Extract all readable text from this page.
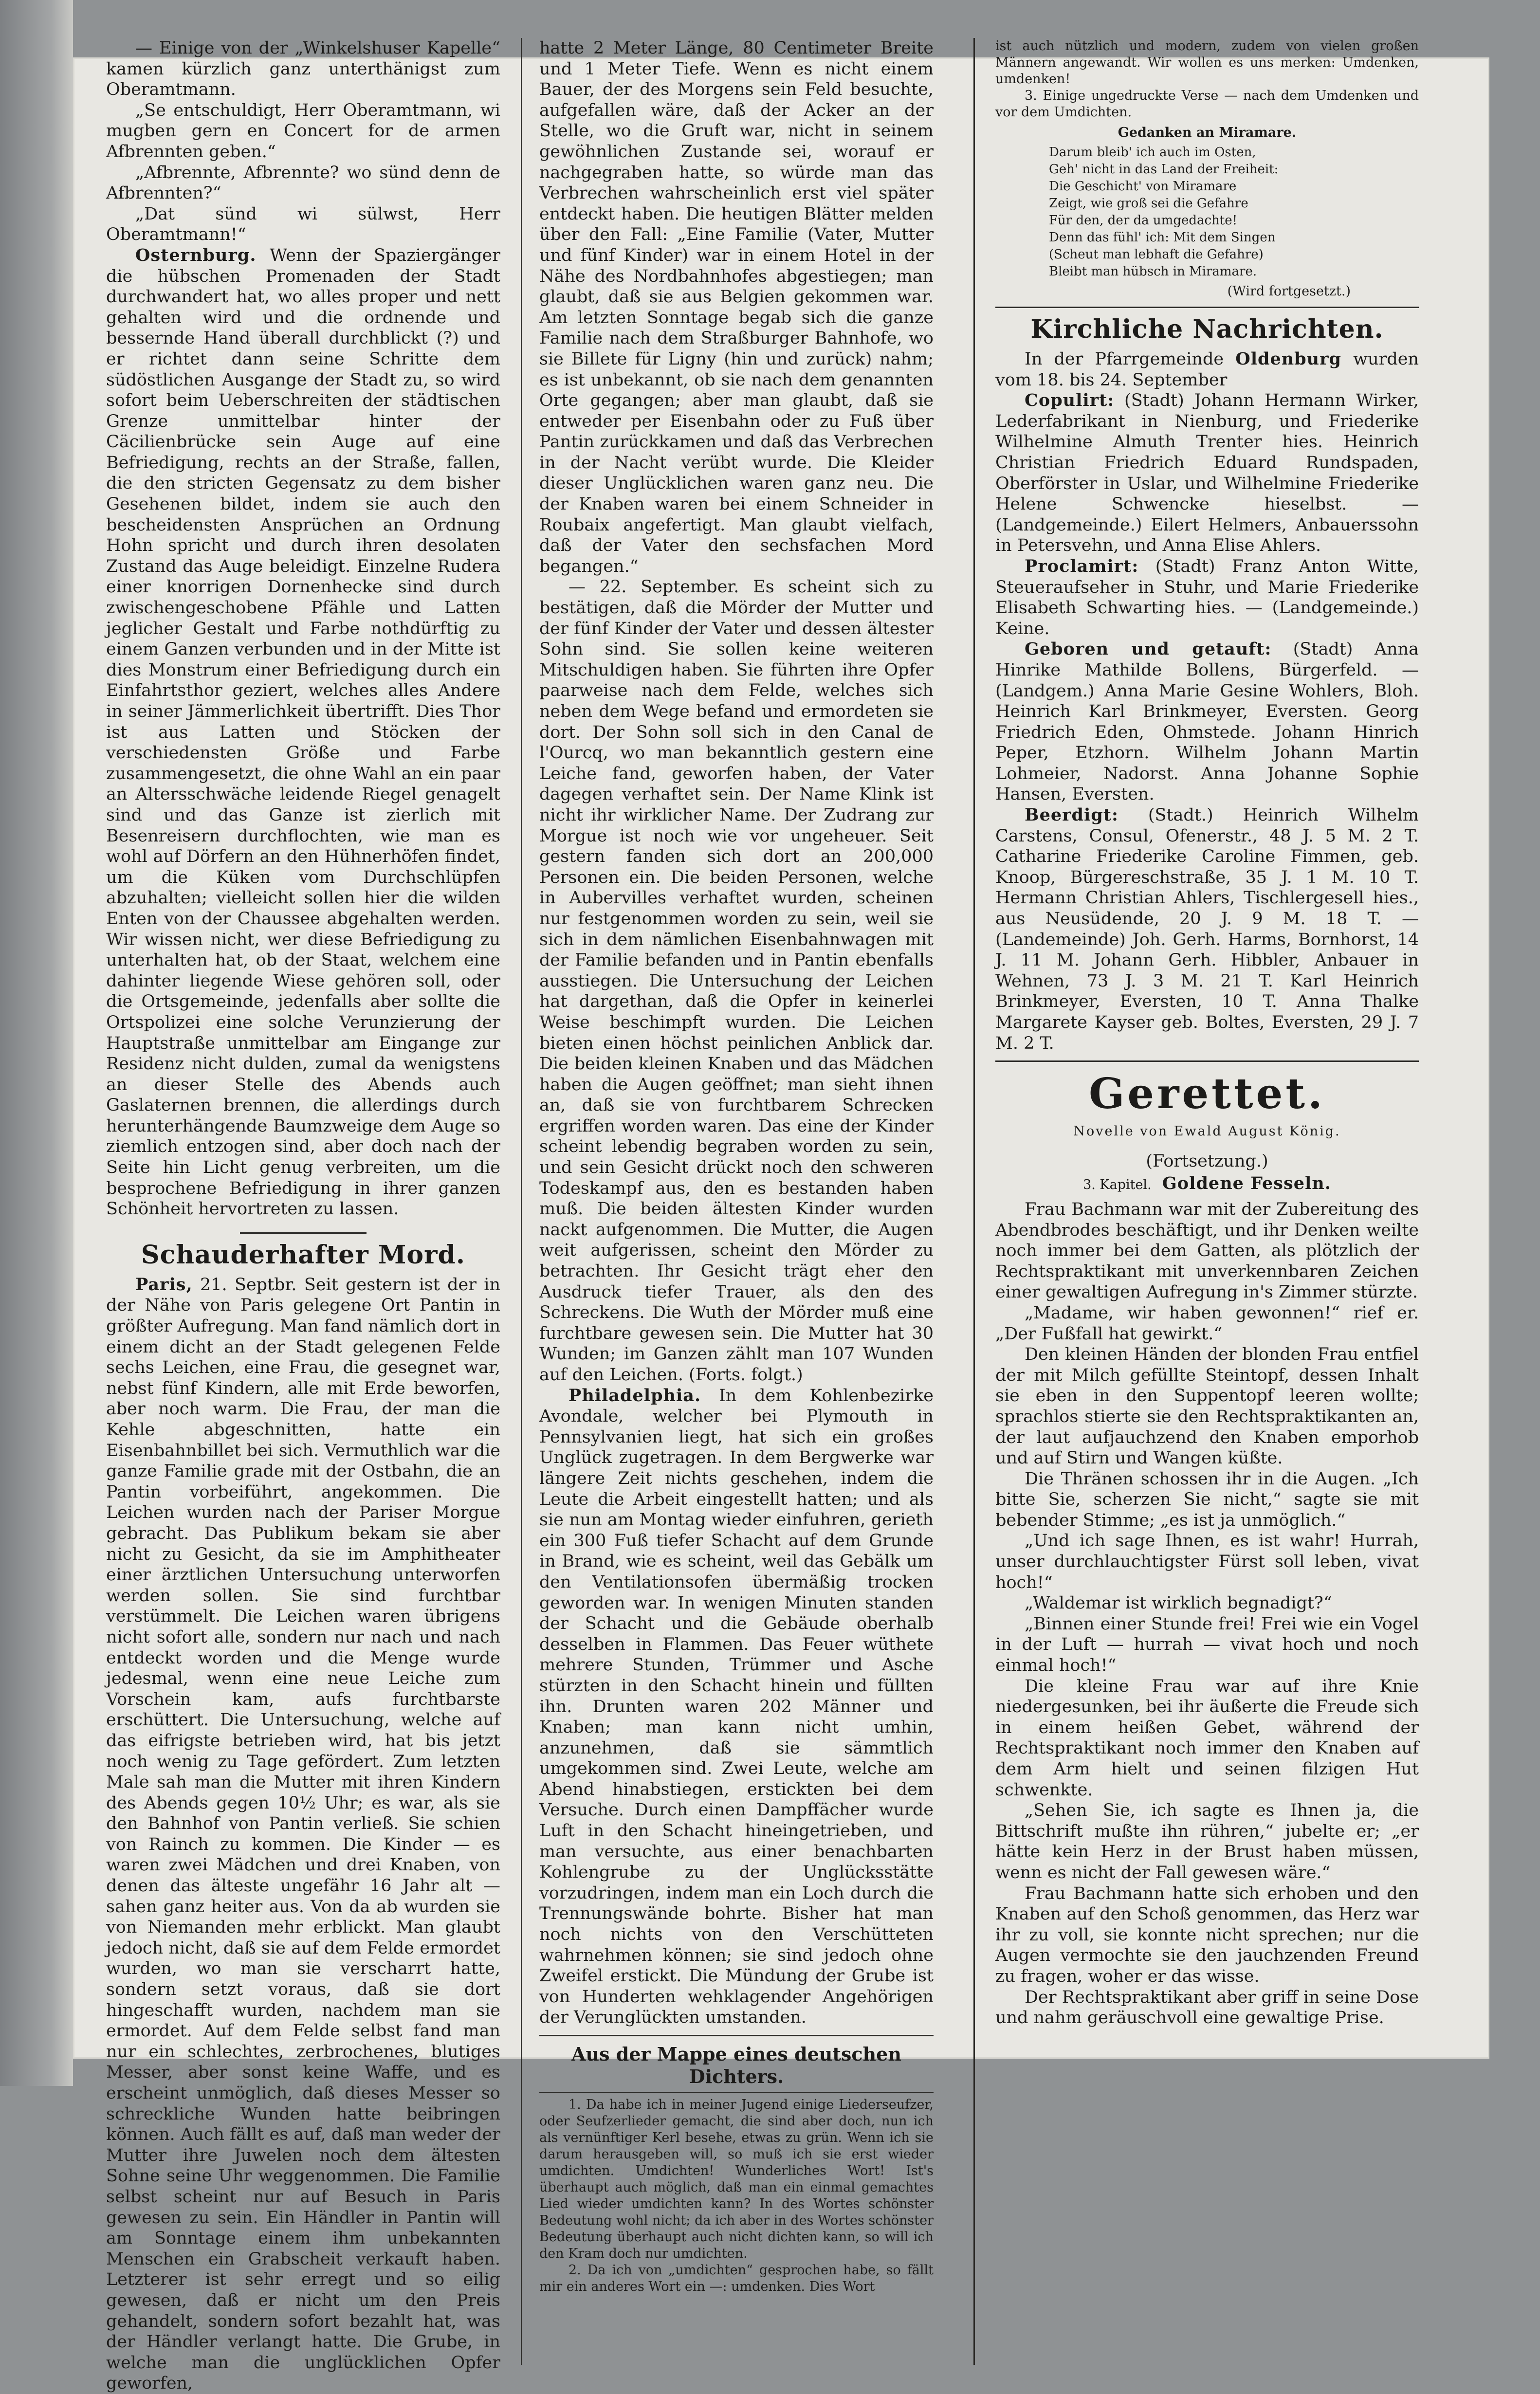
— Einige von der „Winkelshuser Kapelle“ kamen kürzlich ganz unterthänigst zum Oberamtmann.

„Se entschuldigt, Herr Oberamtmann, wi mugben gern en Concert for de armen Afbrennten geben.“

„Afbrennte, Afbrennte? wo sünd denn de Afbrennten?“

„Dat sünd wi sülwst, Herr Oberamtmann!“

Osternburg. Wenn der Spaziergänger die hübschen Promenaden der Stadt durchwandert hat, wo alles proper und nett gehalten wird und die ordnende und bessernde Hand überall durchblickt (?) und er richtet dann seine Schritte dem südöstlichen Ausgange der Stadt zu, so wird sofort beim Ueberschreiten der städtischen Grenze unmittelbar hinter der Cäcilienbrücke sein Auge auf eine Befriedigung, rechts an der Straße, fallen, die den stricten Gegensatz zu dem bisher Gesehenen bildet, indem sie auch den bescheidensten Ansprüchen an Ordnung Hohn spricht und durch ihren desolaten Zustand das Auge beleidigt. Einzelne Rudera einer knorrigen Dornenhecke sind durch zwischengeschobene Pfähle und Latten jeglicher Gestalt und Farbe nothdürftig zu einem Ganzen verbunden und in der Mitte ist dies Monstrum einer Befriedigung durch ein Einfahrtsthor geziert, welches alles Andere in seiner Jämmerlichkeit übertrifft. Dies Thor ist aus Latten und Stöcken der verschiedensten Größe und Farbe zusammengesetzt, die ohne Wahl an ein paar an Altersschwäche leidende Riegel genagelt sind und das Ganze ist zierlich mit Besenreisern durchflochten, wie man es wohl auf Dörfern an den Hühnerhöfen findet, um die Küken vom Durchschlüpfen abzuhalten; vielleicht sollen hier die wilden Enten von der Chaussee abgehalten werden. Wir wissen nicht, wer diese Befriedigung zu unterhalten hat, ob der Staat, welchem eine dahinter liegende Wiese gehören soll, oder die Ortsgemeinde, jedenfalls aber sollte die Ortspolizei eine solche Verunzierung der Hauptstraße unmittelbar am Eingange zur Residenz nicht dulden, zumal da wenigstens an dieser Stelle des Abends auch Gaslaternen brennen, die allerdings durch herunterhängende Baumzweige dem Auge so ziemlich entzogen sind, aber doch nach der Seite hin Licht genug verbreiten, um die besprochene Befriedigung in ihrer ganzen Schönheit hervortreten zu lassen.

Schauderhafter Mord.

Paris, 21. Septbr. Seit gestern ist der in der Nähe von Paris gelegene Ort Pantin in größter Aufregung. Man fand nämlich dort in einem dicht an der Stadt gelegenen Felde sechs Leichen, eine Frau, die gesegnet war, nebst fünf Kindern, alle mit Erde beworfen, aber noch warm. Die Frau, der man die Kehle abgeschnitten, hatte ein Eisenbahnbillet bei sich. Vermuthlich war die ganze Familie grade mit der Ostbahn, die an Pantin vorbeiführt, angekommen. Die Leichen wurden nach der Pariser Morgue gebracht. Das Publikum bekam sie aber nicht zu Gesicht, da sie im Amphitheater einer ärztlichen Untersuchung unterworfen werden sollen. Sie sind furchtbar verstümmelt. Die Leichen waren übrigens nicht sofort alle, sondern nur nach und nach entdeckt worden und die Menge wurde jedesmal, wenn eine neue Leiche zum Vorschein kam, aufs furchtbarste erschüttert. Die Untersuchung, welche auf das eifrigste betrieben wird, hat bis jetzt noch wenig zu Tage gefördert. Zum letzten Male sah man die Mutter mit ihren Kindern des Abends gegen 10½ Uhr; es war, als sie den Bahnhof von Pantin verließ. Sie schien von Rainch zu kommen. Die Kinder — es waren zwei Mädchen und drei Knaben, von denen das älteste ungefähr 16 Jahr alt — sahen ganz heiter aus. Von da ab wurden sie von Niemanden mehr erblickt. Man glaubt jedoch nicht, daß sie auf dem Felde ermordet wurden, wo man sie verscharrt hatte, sondern setzt voraus, daß sie dort hingeschafft wurden, nachdem man sie ermordet. Auf dem Felde selbst fand man nur ein schlechtes, zerbrochenes, blutiges Messer, aber sonst keine Waffe, und es erscheint unmöglich, daß dieses Messer so schreckliche Wunden hatte beibringen können. Auch fällt es auf, daß man weder der Mutter ihre Juwelen noch dem ältesten Sohne seine Uhr weggenommen. Die Familie selbst scheint nur auf Besuch in Paris gewesen zu sein. Ein Händler in Pantin will am Sonntage einem ihm unbekannten Menschen ein Grabscheit verkauft haben. Letzterer ist sehr erregt und so eilig gewesen, daß er nicht um den Preis gehandelt, sondern sofort bezahlt hat, was der Händler verlangt hatte. Die Grube, in welche man die unglücklichen Opfer geworfen,

hatte 2 Meter Länge, 80 Centimeter Breite und 1 Meter Tiefe. Wenn es nicht einem Bauer, der des Morgens sein Feld besuchte, aufgefallen wäre, daß der Acker an der Stelle, wo die Gruft war, nicht in seinem gewöhnlichen Zustande sei, worauf er nachgegraben hatte, so würde man das Verbrechen wahrscheinlich erst viel später entdeckt haben. Die heutigen Blätter melden über den Fall: „Eine Familie (Vater, Mutter und fünf Kinder) war in einem Hotel in der Nähe des Nordbahnhofes abgestiegen; man glaubt, daß sie aus Belgien gekommen war. Am letzten Sonntage begab sich die ganze Familie nach dem Straßburger Bahnhofe, wo sie Billete für Ligny (hin und zurück) nahm; es ist unbekannt, ob sie nach dem genannten Orte gegangen; aber man glaubt, daß sie entweder per Eisenbahn oder zu Fuß über Pantin zurückkamen und daß das Verbrechen in der Nacht verübt wurde. Die Kleider dieser Unglücklichen waren ganz neu. Die der Knaben waren bei einem Schneider in Roubaix angefertigt. Man glaubt vielfach, daß der Vater den sechsfachen Mord begangen.“

— 22. September. Es scheint sich zu bestätigen, daß die Mörder der Mutter und der fünf Kinder der Vater und dessen ältester Sohn sind. Sie sollen keine weiteren Mitschuldigen haben. Sie führten ihre Opfer paarweise nach dem Felde, welches sich neben dem Wege befand und ermordeten sie dort. Der Sohn soll sich in den Canal de l'Ourcq, wo man bekanntlich gestern eine Leiche fand, geworfen haben, der Vater dagegen verhaftet sein. Der Name Klink ist nicht ihr wirklicher Name. Der Zudrang zur Morgue ist noch wie vor ungeheuer. Seit gestern fanden sich dort an 200,000 Personen ein. Die beiden Personen, welche in Aubervilles verhaftet wurden, scheinen nur festgenommen worden zu sein, weil sie sich in dem nämlichen Eisenbahnwagen mit der Familie befanden und in Pantin ebenfalls ausstiegen. Die Untersuchung der Leichen hat dargethan, daß die Opfer in keinerlei Weise beschimpft wurden. Die Leichen bieten einen höchst peinlichen Anblick dar. Die beiden kleinen Knaben und das Mädchen haben die Augen geöffnet; man sieht ihnen an, daß sie von furchtbarem Schrecken ergriffen worden waren. Das eine der Kinder scheint lebendig begraben worden zu sein, und sein Gesicht drückt noch den schweren Todeskampf aus, den es bestanden haben muß. Die beiden ältesten Kinder wurden nackt aufgenommen. Die Mutter, die Augen weit aufgerissen, scheint den Mörder zu betrachten. Ihr Gesicht trägt eher den Ausdruck tiefer Trauer, als den des Schreckens. Die Wuth der Mörder muß eine furchtbare gewesen sein. Die Mutter hat 30 Wunden; im Ganzen zählt man 107 Wunden auf den Leichen. (Forts. folgt.)

Philadelphia. In dem Kohlenbezirke Avondale, welcher bei Plymouth in Pennsylvanien liegt, hat sich ein großes Unglück zugetragen. In dem Bergwerke war längere Zeit nichts geschehen, indem die Leute die Arbeit eingestellt hatten; und als sie nun am Montag wieder einfuhren, gerieth ein 300 Fuß tiefer Schacht auf dem Grunde in Brand, wie es scheint, weil das Gebälk um den Ventilationsofen übermäßig trocken geworden war. In wenigen Minuten standen der Schacht und die Gebäude oberhalb desselben in Flammen. Das Feuer wüthete mehrere Stunden, Trümmer und Asche stürzten in den Schacht hinein und füllten ihn. Drunten waren 202 Männer und Knaben; man kann nicht umhin, anzunehmen, daß sie sämmtlich umgekommen sind. Zwei Leute, welche am Abend hinabstiegen, erstickten bei dem Versuche. Durch einen Dampffächer wurde Luft in den Schacht hineingetrieben, und man versuchte, aus einer benachbarten Kohlengrube zu der Unglücksstätte vorzudringen, indem man ein Loch durch die Trennungswände bohrte. Bisher hat man noch nichts von den Verschütteten wahrnehmen können; sie sind jedoch ohne Zweifel erstickt. Die Mündung der Grube ist von Hunderten wehklagender Angehörigen der Verunglückten umstanden.

Aus der Mappe eines deutschen Dichters.

1. Da habe ich in meiner Jugend einige Liederseufzer, oder Seufzerlieder gemacht, die sind aber doch, nun ich als vernünftiger Kerl besehe, etwas zu grün. Wenn ich sie darum herausgeben will, so muß ich sie erst wieder umdichten. Umdichten! Wunderliches Wort! Ist's überhaupt auch möglich, daß man ein einmal gemachtes Lied wieder umdichten kann? In des Wortes schönster Bedeutung wohl nicht; da ich aber in des Wortes schönster Bedeutung überhaupt auch nicht dichten kann, so will ich den Kram doch nur umdichten.

2. Da ich von „umdichten“ gesprochen habe, so fällt mir ein anderes Wort ein —: umdenken. Dies Wort

ist auch nützlich und modern, zudem von vielen großen Männern angewandt. Wir wollen es uns merken: Umdenken, umdenken!

3. Einige ungedruckte Verse — nach dem Umdenken und vor dem Umdichten.

Gedanken an Miramare.
Darum bleib' ich auch im Osten,
Geh' nicht in das Land der Freiheit:
Die Geschicht' von Miramare
Zeigt, wie groß sei die Gefahre
Für den, der da umgedachte!
Denn das fühl' ich: Mit dem Singen
(Scheut man lebhaft die Gefahre)
Bleibt man hübsch in Miramare.
(Wird fortgesetzt.)
Kirchliche Nachrichten.

In der Pfarrgemeinde Oldenburg wurden vom 18. bis 24. September

Copulirt: (Stadt) Johann Hermann Wirker, Lederfabrikant in Nienburg, und Friederike Wilhelmine Almuth Trenter hies. Heinrich Christian Friedrich Eduard Rundspaden, Oberförster in Uslar, und Wilhelmine Friederike Helene Schwencke hieselbst. — (Landgemeinde.) Eilert Helmers, Anbauerssohn in Petersvehn, und Anna Elise Ahlers.

Proclamirt: (Stadt) Franz Anton Witte, Steueraufseher in Stuhr, und Marie Friederike Elisabeth Schwarting hies. — (Landgemeinde.) Keine.

Geboren und getauft: (Stadt) Anna Hinrike Mathilde Bollens, Bürgerfeld. — (Landgem.) Anna Marie Gesine Wohlers, Bloh. Heinrich Karl Brinkmeyer, Eversten. Georg Friedrich Eden, Ohmstede. Johann Hinrich Peper, Etzhorn. Wilhelm Johann Martin Lohmeier, Nadorst. Anna Johanne Sophie Hansen, Eversten.

Beerdigt: (Stadt.) Heinrich Wilhelm Carstens, Consul, Ofenerstr., 48 J. 5 M. 2 T. Catharine Friederike Caroline Fimmen, geb. Knoop, Bürgereschstraße, 35 J. 1 M. 10 T. Hermann Christian Ahlers, Tischlergesell hies., aus Neusüdende, 20 J. 9 M. 18 T. — (Landemeinde) Joh. Gerh. Harms, Bornhorst, 14 J. 11 M. Johann Gerh. Hibbler, Anbauer in Wehnen, 73 J. 3 M. 21 T. Karl Heinrich Brinkmeyer, Eversten, 10 T. Anna Thalke Margarete Kayser geb. Boltes, Eversten, 29 J. 7 M. 2 T.

Gerettet.
Novelle von Ewald August König.
(Fortsetzung.)
3. Kapitel. Goldene Fesseln.

Frau Bachmann war mit der Zubereitung des Abendbrodes beschäftigt, und ihr Denken weilte noch immer bei dem Gatten, als plötzlich der Rechtspraktikant mit unverkennbaren Zeichen einer gewaltigen Aufregung in's Zimmer stürzte.

„Madame, wir haben gewonnen!“ rief er. „Der Fußfall hat gewirkt.“

Den kleinen Händen der blonden Frau entfiel der mit Milch gefüllte Steintopf, dessen Inhalt sie eben in den Suppentopf leeren wollte; sprachlos stierte sie den Rechtspraktikanten an, der laut aufjauchzend den Knaben emporhob und auf Stirn und Wangen küßte.

Die Thränen schossen ihr in die Augen. „Ich bitte Sie, scherzen Sie nicht,“ sagte sie mit bebender Stimme; „es ist ja unmöglich.“

„Und ich sage Ihnen, es ist wahr! Hurrah, unser durchlauchtigster Fürst soll leben, vivat hoch!“

„Waldemar ist wirklich begnadigt?“

„Binnen einer Stunde frei! Frei wie ein Vogel in der Luft — hurrah — vivat hoch und noch einmal hoch!“

Die kleine Frau war auf ihre Knie niedergesunken, bei ihr äußerte die Freude sich in einem heißen Gebet, während der Rechtspraktikant noch immer den Knaben auf dem Arm hielt und seinen filzigen Hut schwenkte.

„Sehen Sie, ich sagte es Ihnen ja, die Bittschrift mußte ihn rühren,“ jubelte er; „er hätte kein Herz in der Brust haben müssen, wenn es nicht der Fall gewesen wäre.“

Frau Bachmann hatte sich erhoben und den Knaben auf den Schoß genommen, das Herz war ihr zu voll, sie konnte nicht sprechen; nur die Augen vermochte sie den jauchzenden Freund zu fragen, woher er das wisse.

Der Rechtspraktikant aber griff in seine Dose und nahm geräuschvoll eine gewaltige Prise.
